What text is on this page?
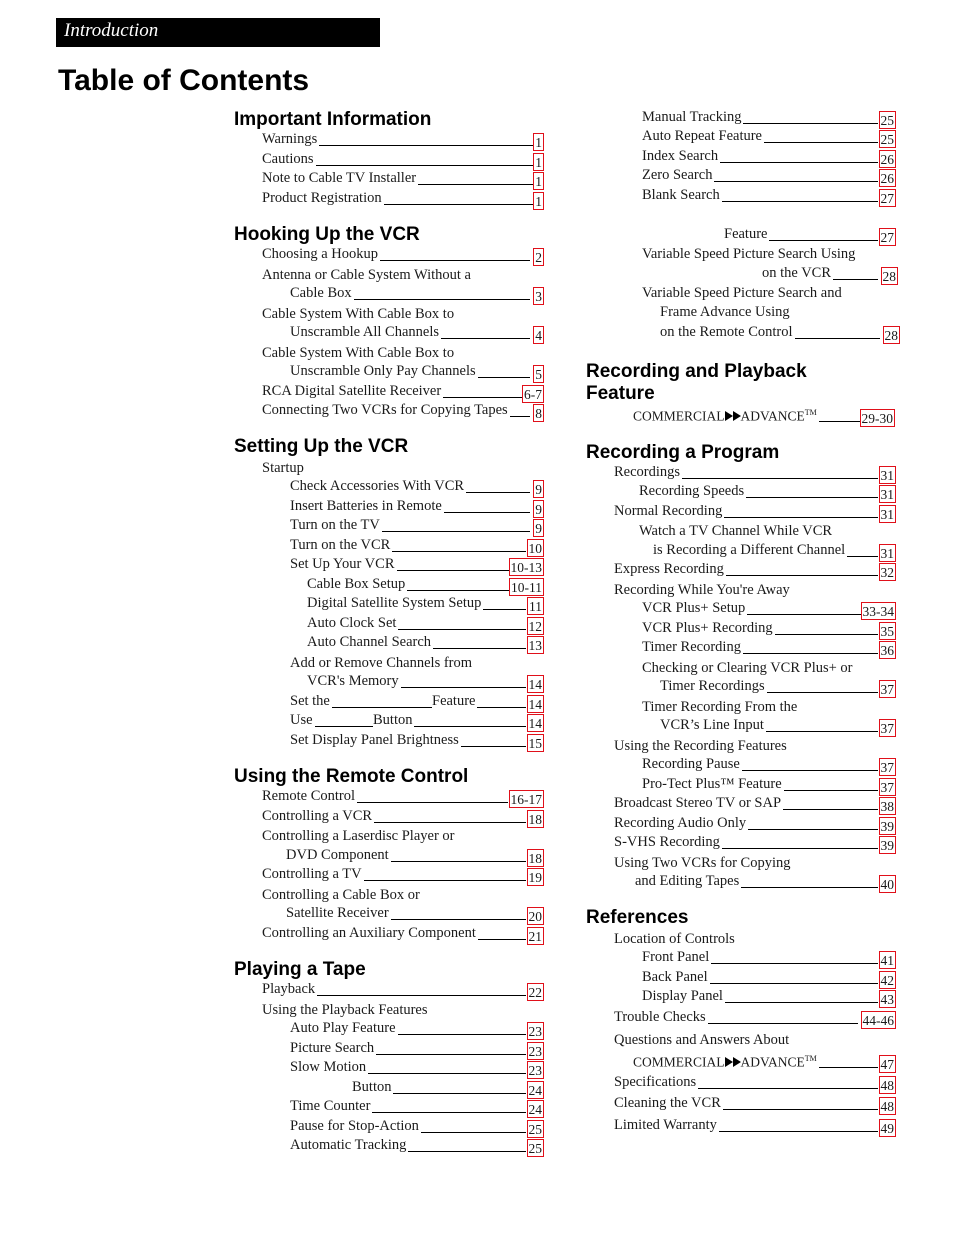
Introduction
Table of Contents
Important Information
Warnings	1
Cautions	1
Note to Cable TV Installer	1
Product Registration	1
Hooking Up the VCR
Choosing a Hookup	2
Antenna or Cable System Without a
Cable Box	3
Cable System With Cable Box to
Unscramble All Channels	4
Cable System With Cable Box to
Unscramble Only Pay Channels	5
RCA Digital Satellite Receiver	6-7
Connecting Two VCRs for Copying Tapes 8
Setting Up the VCR
Startup
Check Accessories With VCR	9
Insert Batteries in Remote	9
Turn on the TV	9
Turn on the VCR	10
Set Up Your VCR	10-13
Cable Box Setup	10-11
Digital Satellite System Setup	11
Auto Clock Set	12
Auto Channel Search	13
Add or Remove Channels from
VCR's Memory	14
Set the	Feature	14
Use	Button	14
Set Display Panel Brightness	15
Using the Remote Control
Remote Control	16-17
Controlling a VCR	18
Controlling a Laserdisc Player or
DVD Component	18
Controlling a TV	19
Controlling a Cable Box or
Satellite Receiver	20
Controlling an Auxiliary Component	21
Playing a Tape
Playback	22
Using the Playback Features
Auto Play Feature	23
Picture Search	23
Slow Motion	23
Button	24
Time Counter	24
Pause for Stop-Action	25
Automatic Tracking	25
Manual Tracking	25
Auto Repeat Feature	25
Index Search	26
Zero Search	26
Blank Search	27
Feature	27
Variable Speed Picture Search Using
on the VCR	28
Variable Speed Picture Search and
Frame Advance Using
on the Remote Control	28
Recording and Playback Feature
COMMERCIAL ADVANCE™	29-30
Recording a Program
Recordings	31
Recording Speeds	31
Normal Recording	31
Watch a TV Channel While VCR
is Recording a Different Channel	31
Express Recording	32
Recording While You're Away
VCR Plus+ Setup	33-34
VCR Plus+ Recording	35
Timer Recording	36
Checking or Clearing VCR Plus+ or
Timer Recordings	37
Timer Recording From the
VCR’s Line Input	37
Using the Recording Features
Recording Pause	37
Pro-Tect Plus™ Feature	37
Broadcast Stereo TV or SAP	38
Recording Audio Only	39
S-VHS Recording	39
Using Two VCRs for Copying
and Editing Tapes	40
References
Location of Controls
Front Panel	41
Back Panel	42
Display Panel	43
Trouble Checks	44-46
Questions and Answers About
COMMERCIAL ADVANCE™	47
Specifications	48
Cleaning the VCR	48
Limited Warranty	49
